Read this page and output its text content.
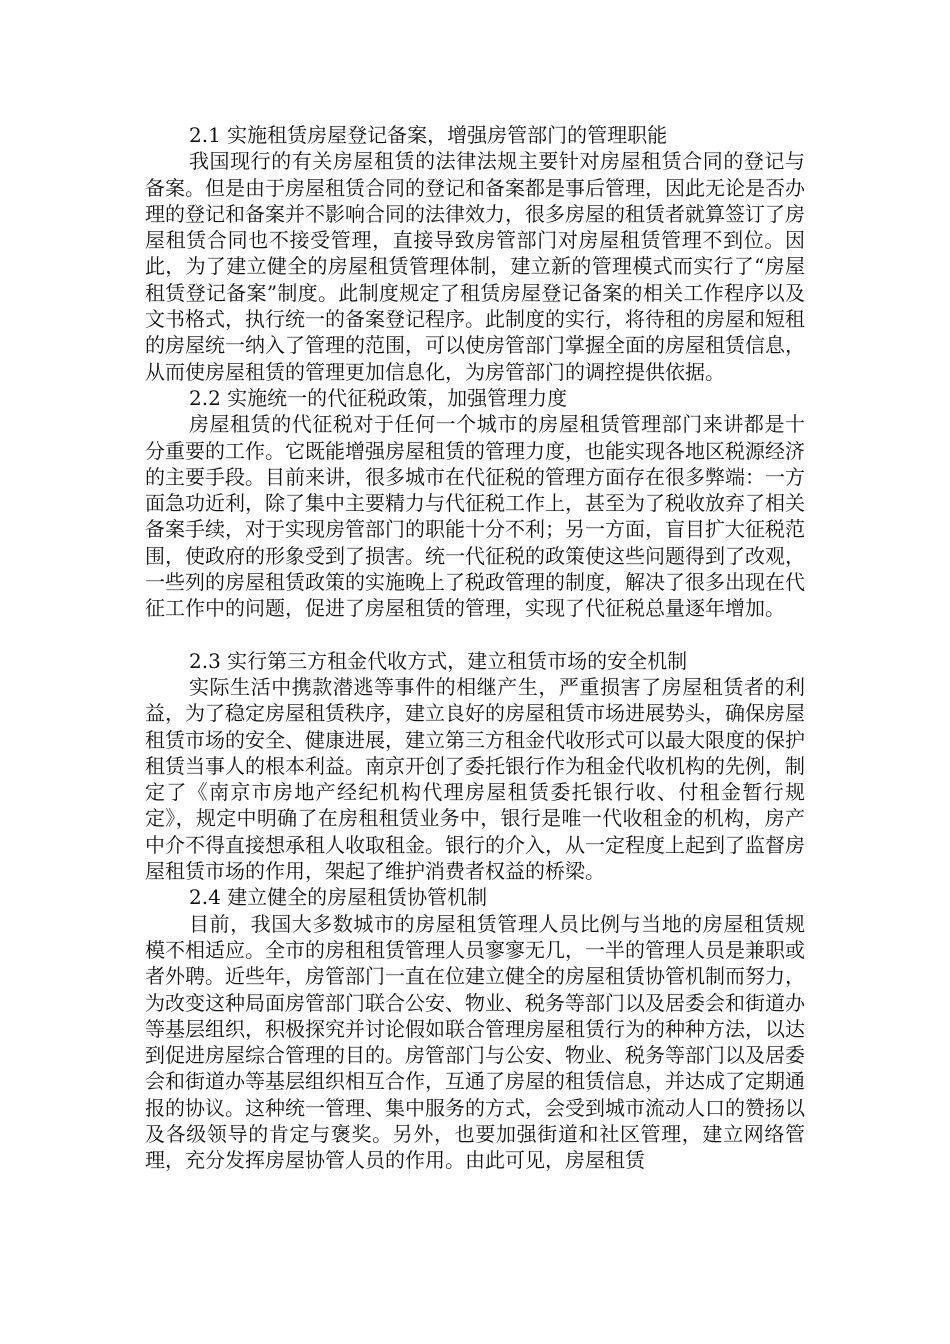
2.1 实施租赁房屋登记备案，增强房管部门的管理职能
我国现行的有关房屋租赁的法律法规主要针对房屋租赁合同的登记与备案。但是由于房屋租赁合同的登记和备案都是事后管理，因此无论是否办理的登记和备案并不影响合同的法律效力，很多房屋的租赁者就算签订了房屋租赁合同也不接受管理，直接导致房管部门对房屋租赁管理不到位。因此，为了建立健全的房屋租赁管理体制，建立新的管理模式而实行了“房屋租赁登记备案”制度。此制度规定了租赁房屋登记备案的相关工作程序以及文书格式，执行统一的备案登记程序。此制度的实行，将待租的房屋和短租的房屋统一纳入了管理的范围，可以使房管部门掌握全面的房屋租赁信息，从而使房屋租赁的管理更加信息化，为房管部门的调控提供依据。
2.2 实施统一的代征税政策，加强管理力度
房屋租赁的代征税对于任何一个城市的房屋租赁管理部门来讲都是十分重要的工作。它既能增强房屋租赁的管理力度，也能实现各地区税源经济的主要手段。目前来讲，很多城市在代征税的管理方面存在很多弊端：一方面急功近利，除了集中主要精力与代征税工作上，甚至为了税收放弃了相关备案手续，对于实现房管部门的职能十分不利；另一方面，盲目扩大征税范围，使政府的形象受到了损害。统一代征税的政策使这些问题得到了改观，一些列的房屋租赁政策的实施晚上了税政管理的制度，解决了很多出现在代征工作中的问题，促进了房屋租赁的管理，实现了代征税总量逐年增加。
2.3 实行第三方租金代收方式，建立租赁市场的安全机制
实际生活中携款潜逃等事件的相继产生，严重损害了房屋租赁者的利益，为了稳定房屋租赁秩序，建立良好的房屋租赁市场进展势头，确保房屋租赁市场的安全、健康进展，建立第三方租金代收形式可以最大限度的保护租赁当事人的根本利益。南京开创了委托银行作为租金代收机构的先例，制定了《南京市房地产经纪机构代理房屋租赁委托银行收、付租金暂行规定》，规定中明确了在房租租赁业务中，银行是唯一代收租金的机构，房产中介不得直接想承租人收取租金。银行的介入，从一定程度上起到了监督房屋租赁市场的作用，架起了维护消费者权益的桥梁。
2.4 建立健全的房屋租赁协管机制
目前，我国大多数城市的房屋租赁管理人员比例与当地的房屋租赁规模不相适应。全市的房租租赁管理人员寥寥无几，一半的管理人员是兼职或者外聘。近些年，房管部门一直在位建立健全的房屋租赁协管机制而努力，为改变这种局面房管部门联合公安、物业、税务等部门以及居委会和街道办等基层组织，积极探究并讨论假如联合管理房屋租赁行为的种种方法，以达到促进房屋综合管理的目的。房管部门与公安、物业、税务等部门以及居委会和街道办等基层组织相互合作，互通了房屋的租赁信息，并达成了定期通报的协议。这种统一管理、集中服务的方式，会受到城市流动人口的赞扬以及各级领导的肯定与褒奖。另外，也要加强街道和社区管理，建立网络管理，充分发挥房屋协管人员的作用。由此可见，房屋租赁
